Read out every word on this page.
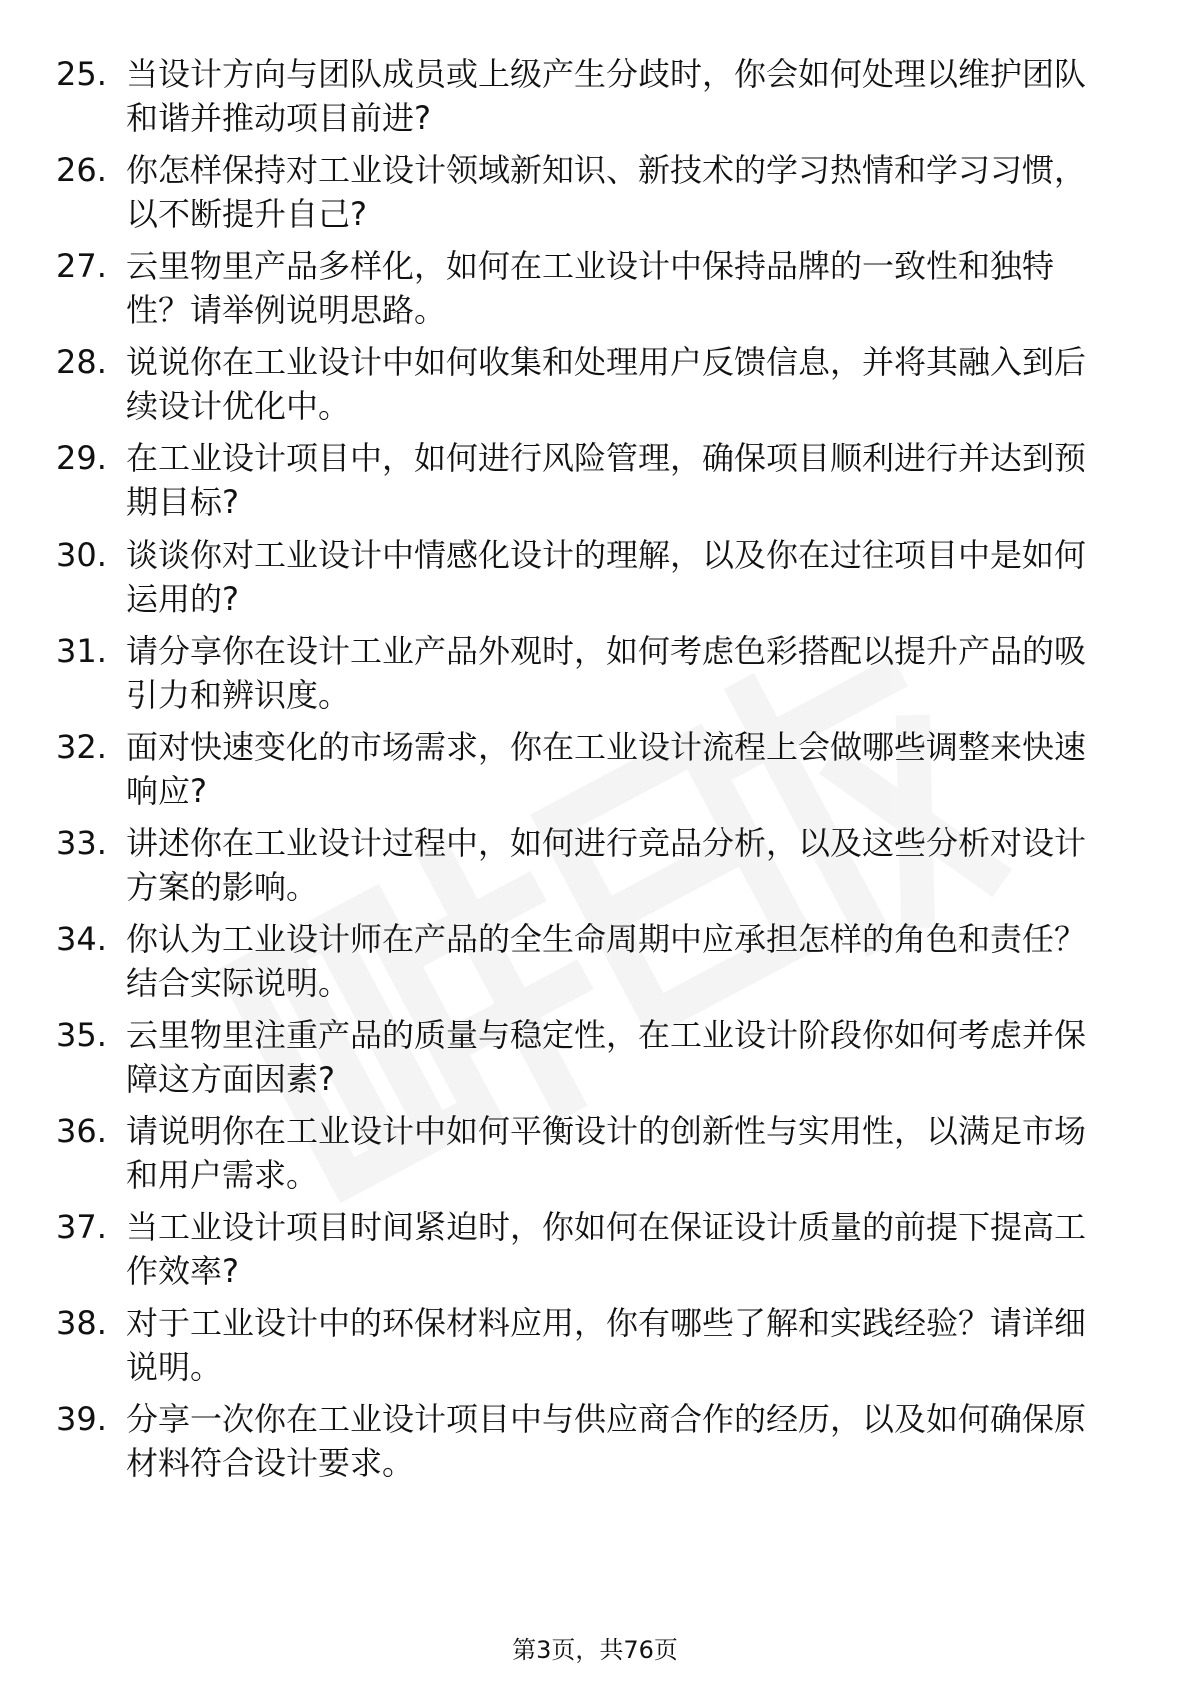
25. 当设计方向与团队成员或上级产生分歧时，你会如何处理以维护团队和谐并推动项目前进?
26. 你怎样保持对工业设计领域新知识、新技术的学习热情和学习习惯，以不断提升自己?
27. 云里物里产品多样化，如何在工业设计中保持品牌的一致性和独特性？请举例说明思路。
28. 说说你在工业设计中如何收集和处理用户反馈信息，并将其融入到后续设计优化中。
29. 在工业设计项目中，如何进行风险管理，确保项目顺利进行并达到预期目标?
30. 谈谈你对工业设计中情感化设计的理解，以及你在过往项目中是如何运用的?
31. 请分享你在设计工业产品外观时，如何考虑色彩搭配以提升产品的吸引力和辨识度。
32. 面对快速变化的市场需求，你在工业设计流程上会做哪些调整来快速响应?
33. 讲述你在工业设计过程中，如何进行竞品分析，以及这些分析对设计方案的影响。
34. 你认为工业设计师在产品的全生命周期中应承担怎样的角色和责任？结合实际说明。
35. 云里物里注重产品的质量与稳定性，在工业设计阶段你如何考虑并保障这方面因素?
36. 请说明你在工业设计中如何平衡设计的创新性与实用性，以满足市场和用户需求。
37. 当工业设计项目时间紧迫时，你如何在保证设计质量的前提下提高工作效率?
38. 对于工业设计中的环保材料应用，你有哪些了解和实践经验？请详细说明。
39. 分享一次你在工业设计项目中与供应商合作的经历，以及如何确保原材料符合设计要求。
第3页，共76页
